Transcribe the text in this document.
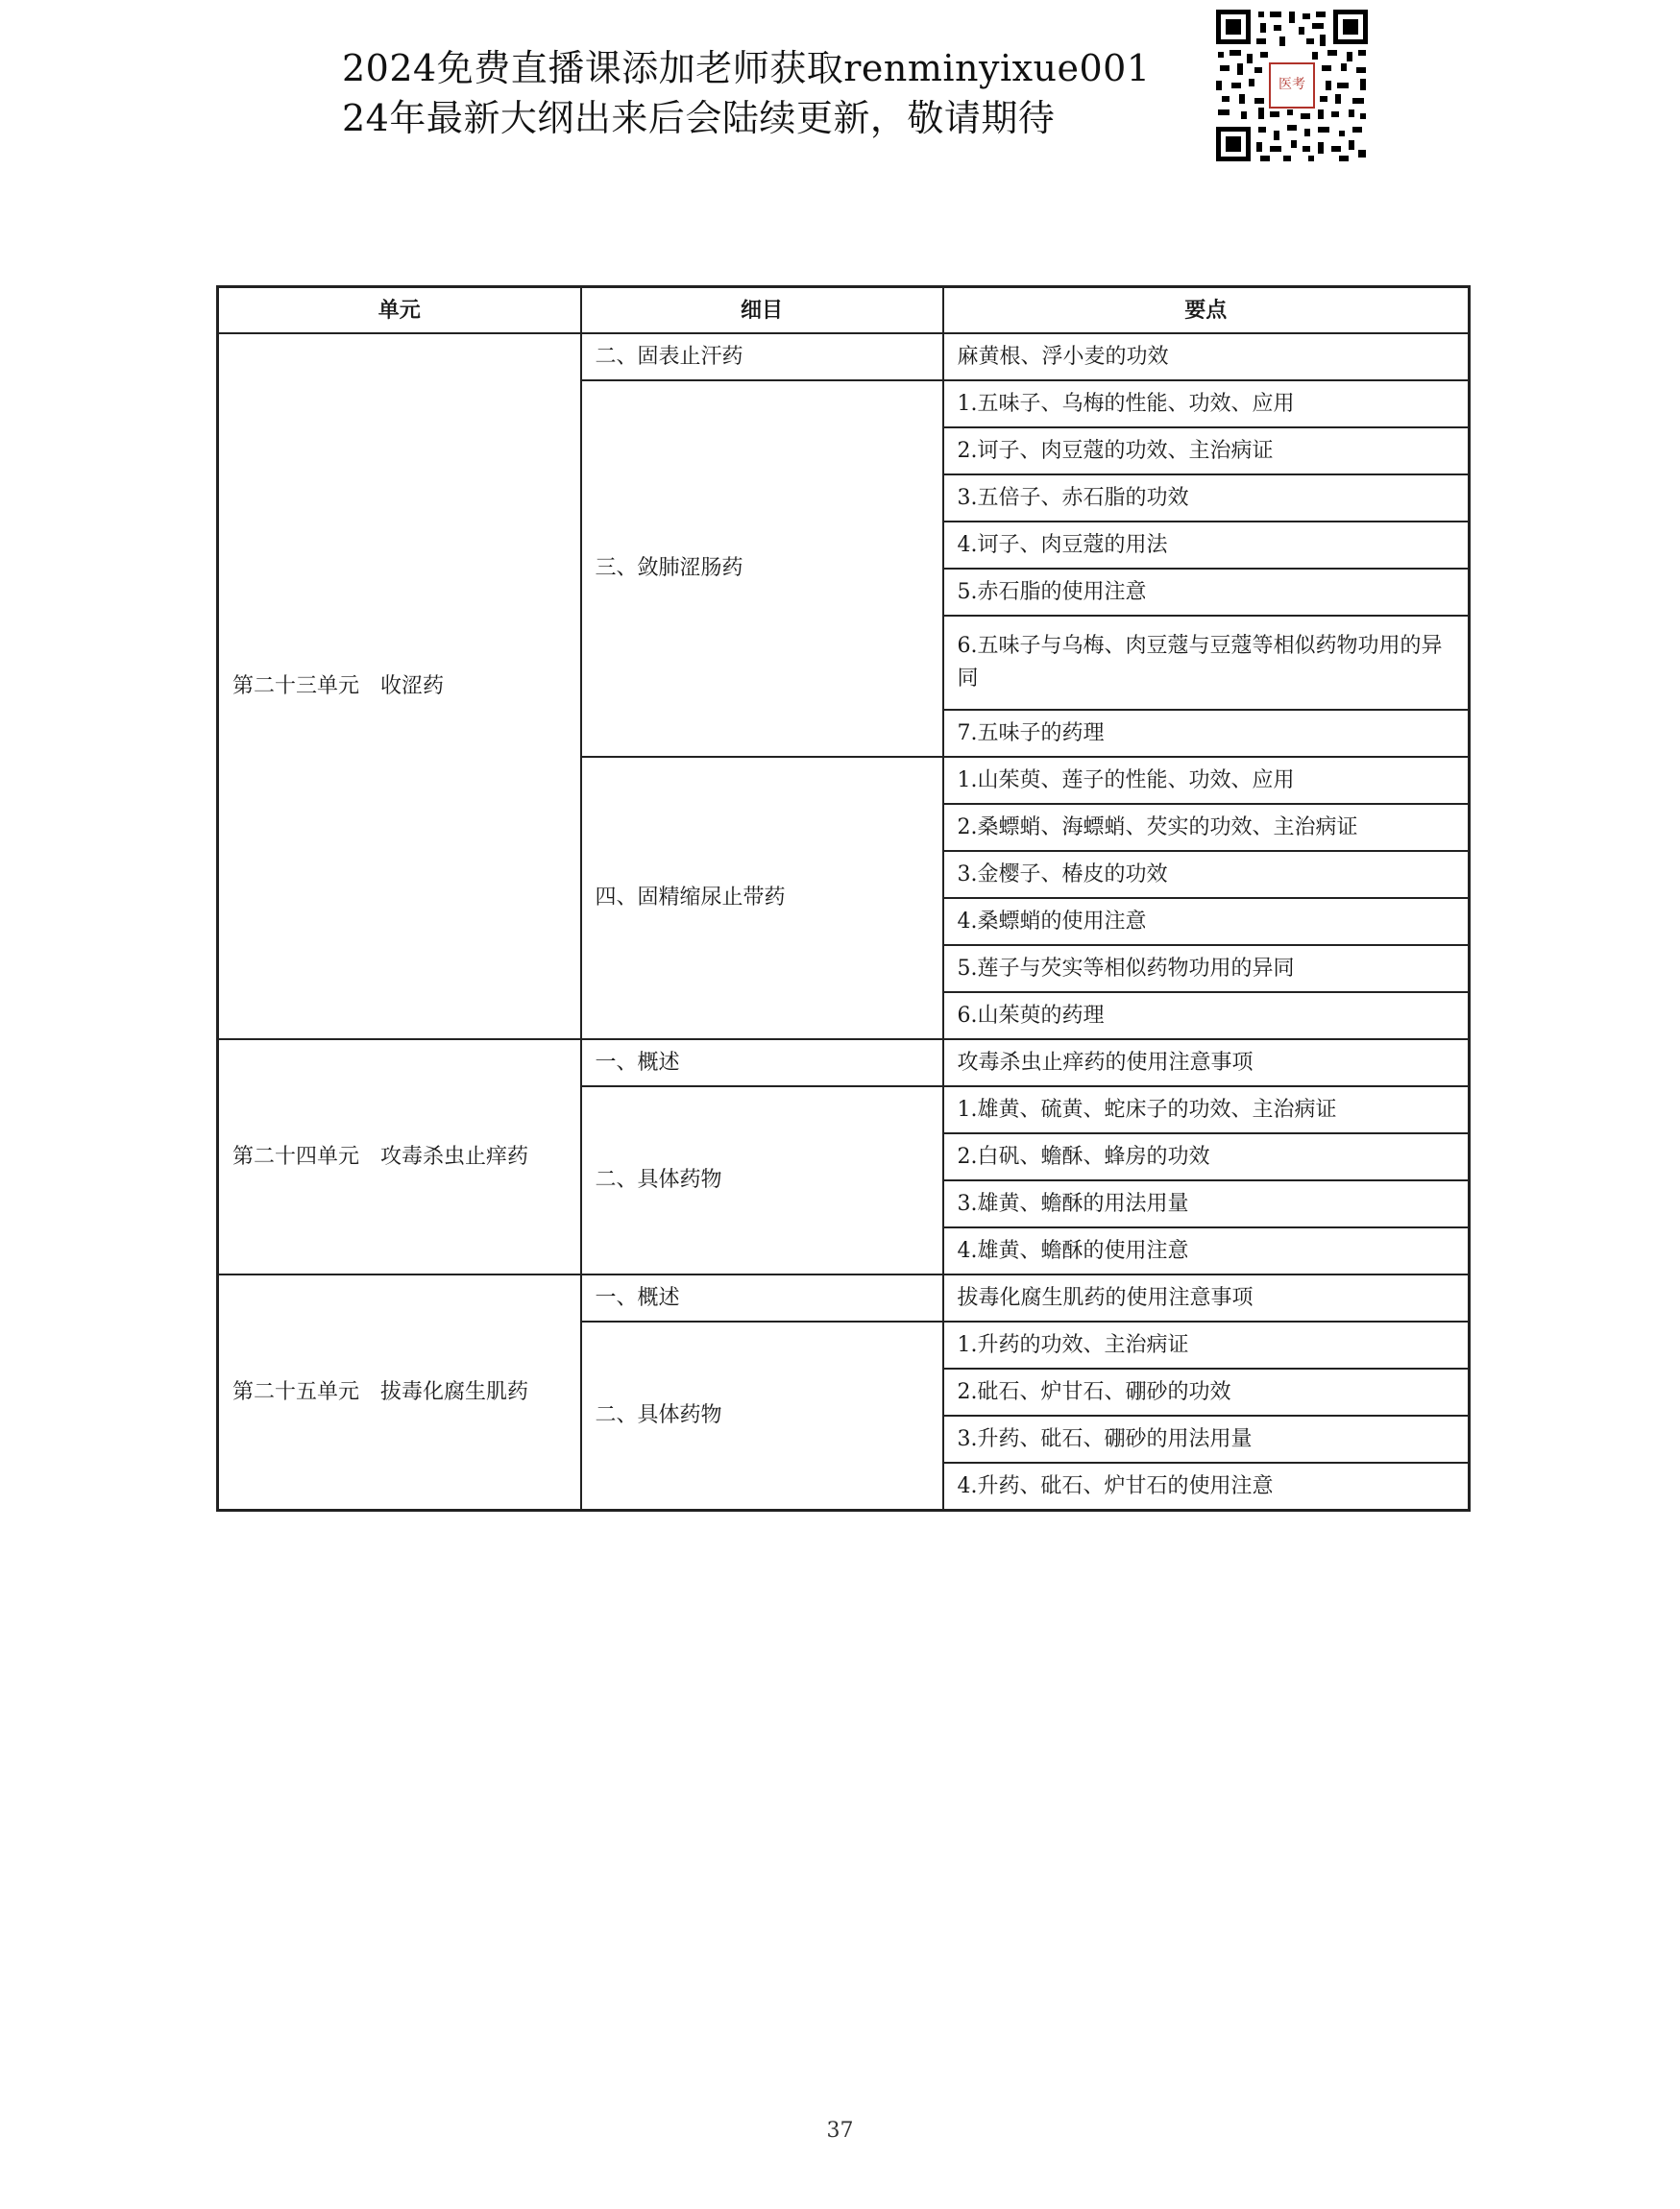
2024免费直播课添加老师获取renminyixue001
24年最新大纲出来后会陆续更新，敬请期待
医考
单元	细目	要点
第二十三单元　收涩药	二、固表止汗药	麻黄根、浮小麦的功效
	三、敛肺涩肠药	1.五味子、乌梅的性能、功效、应用
		2.诃子、肉豆蔻的功效、主治病证
		3.五倍子、赤石脂的功效
		4.诃子、肉豆蔻的用法
		5.赤石脂的使用注意
		6.五味子与乌梅、肉豆蔻与豆蔻等相似药物功用的异同
		7.五味子的药理
	四、固精缩尿止带药	1.山茱萸、莲子的性能、功效、应用
		2.桑螵蛸、海螵蛸、芡实的功效、主治病证
		3.金樱子、椿皮的功效
		4.桑螵蛸的使用注意
		5.莲子与芡实等相似药物功用的异同
		6.山茱萸的药理
第二十四单元　攻毒杀虫止痒药	一、概述	攻毒杀虫止痒药的使用注意事项
	二、具体药物	1.雄黄、硫黄、蛇床子的功效、主治病证
		2.白矾、蟾酥、蜂房的功效
		3.雄黄、蟾酥的用法用量
		4.雄黄、蟾酥的使用注意
第二十五单元　拔毒化腐生肌药	一、概述	拔毒化腐生肌药的使用注意事项
	二、具体药物	1.升药的功效、主治病证
		2.砒石、炉甘石、硼砂的功效
		3.升药、砒石、硼砂的用法用量
		4.升药、砒石、炉甘石的使用注意
37
